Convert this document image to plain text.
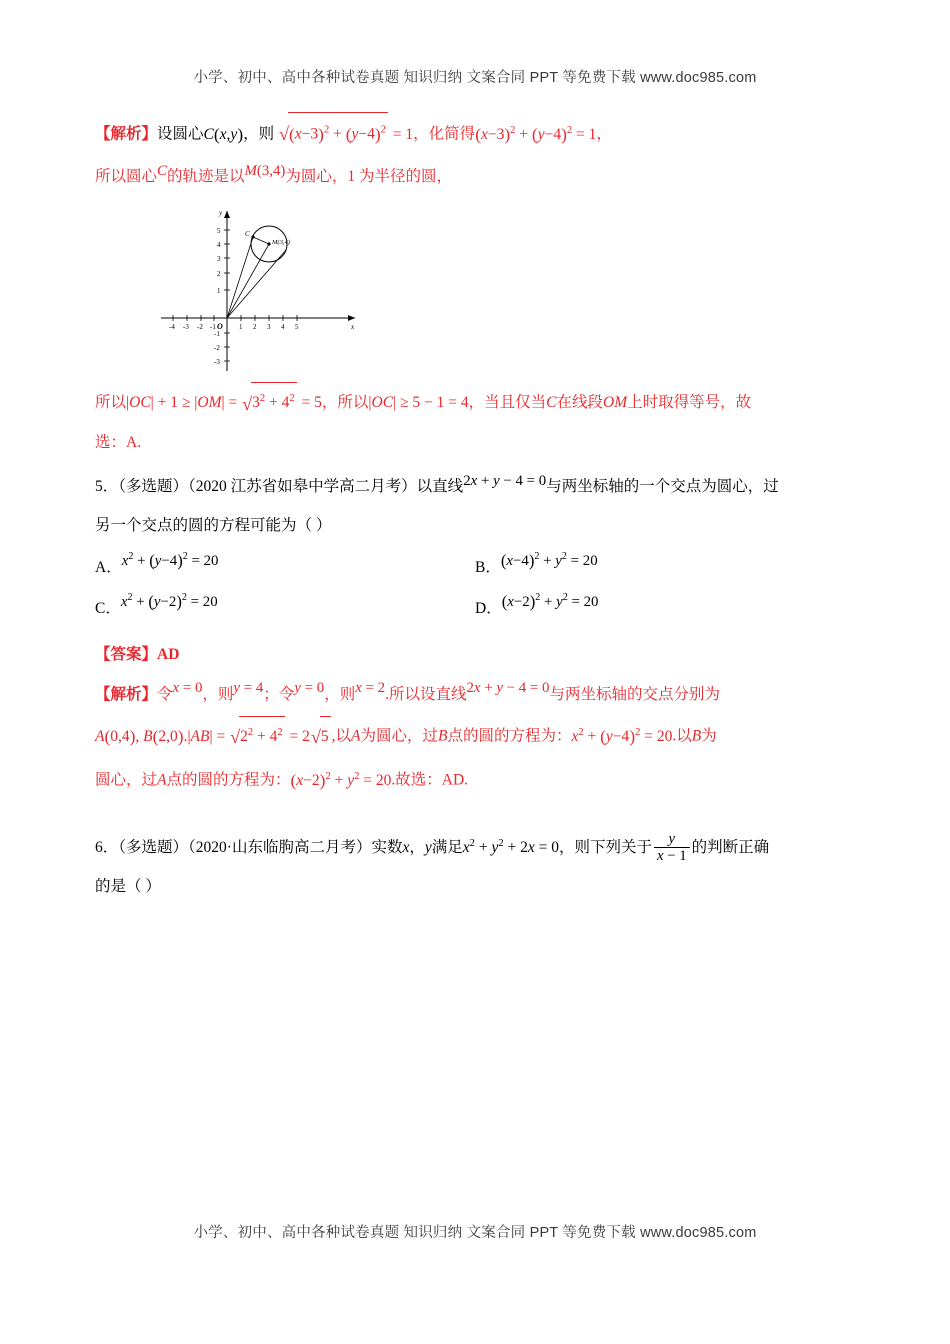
小学、初中、高中各种试卷真题 知识归纳 文案合同 PPT 等免费下载 www.doc985.com
小学、初中、高中各种试卷真题 知识归纳 文案合同 PPT 等免费下载 www.doc985.com
【解析】设圆心C(x,y)，则 √ $(x-3)^2 + (y-4)^2 = 1$，化简得$(x-3)^2 + (y-4)^2 = 1$，
所以圆心C的轨迹是以M(3,4)为圆心，1 为半径的圆，
y
x
O
-4 -3 -2 -1	1 2 3 4 5
5
4
3
2
1
-1
-2
-3
C
M(3,4)
所以|OC| + 1 ≥ |OM| = √ $3^2 + 4^2 = 5$，所以|OC| ≥ 5 − 1 = 4，当且仅当C在线段OM上时取得等号，故
选：A.
5．（多选题）（2020 江苏省如皋中学高二月考）以直线2x + y − 4 = 0与两坐标轴的一个交点为圆心，过
另一个交点的圆的方程可能为（ ）
A．$x^2 + (y-4)^2 = 20$	B．$(x-4)^2 + y^2 = 20$
C．$x^2 + (y-2)^2 = 20$	D．$(x-2)^2 + y^2 = 20$
【答案】AD
【解析】令x = 0，则y = 4；令y = 0，则x = 2.所以设直线2x + y − 4 = 0与两坐标轴的交点分别为
A(0,4), B(2,0).|AB| = √ $2^2 + 4^2 = 2$ √ 5 ,以A为圆心，过B点的圆的方程为：$x^2 + (y-4)^2 = 20$.以B为
圆心，过A点的圆的方程为：$(x-2)^2 + y^2 = 20$.故选：AD.
6．（多选题）（2020·山东临朐高二月考）实数x，y满足$x^2 + y^2 + 2x = 0$，则下列关于 $\frac{y}{x - 1}$ 的判断正确
的是（ ）
